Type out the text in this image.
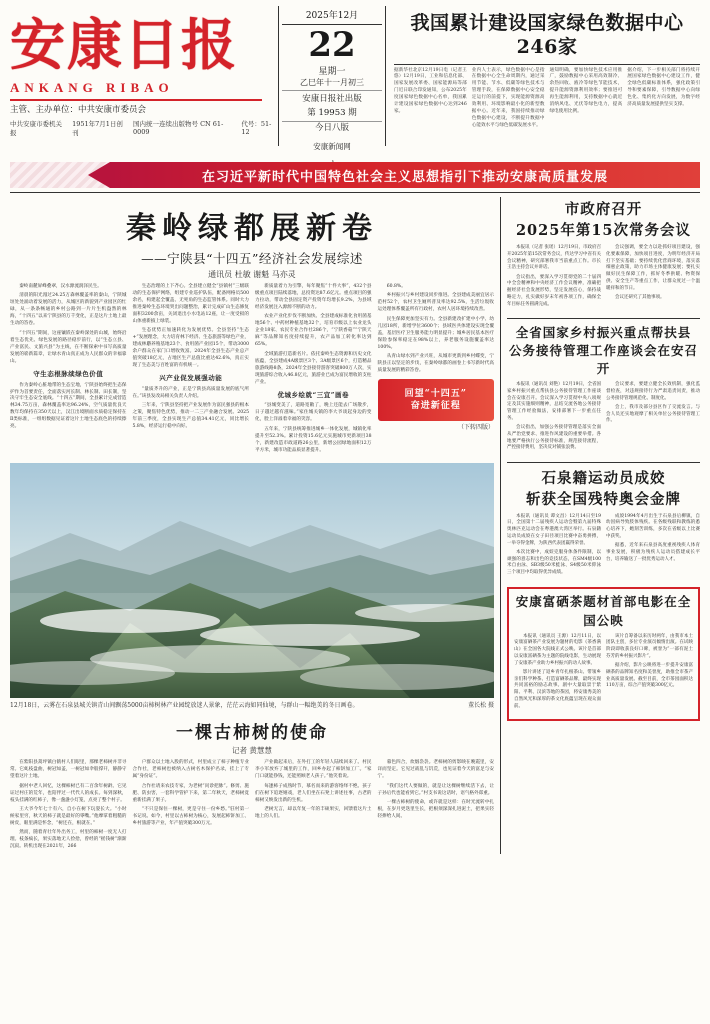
安康日报
ANKANG RIBAO
主管、主办单位：中共安康市委员会
中共安康市委机关报
1951年7月1日创刊
国内统一连续出版物号 CN 61-0009
代号：51-12
2025年12月
22
星期一
乙巳年十一月初三
安康日报社出版
第 19953 期
今日八版
安康新闻网
我国累计建设国家绿色数据中心246家

据新华社北京12月19日电（记者王悠）12月19日，工业和信息化部、国家发展改革委、国家能源局等部门近日联合印发通知，公布2025年度国家绿色数据中心名单，我国累计建设国家绿色数据中心达到246家。

业内人士表示，绿色数据中心是指在数据中心全生命周期内，通过采用节能、节水、低碳等绿色技术与管理手段，在保障数据中心安全稳定运行的前提下，实现能源资源高效利用、环境影响最小化的新型数据中心。近年来，我国持续推动绿色数据中心建设，不断提升数据中心能效水平与绿色低碳发展水平。

通知明确，要加快绿色技术应用推广，鼓励数据中心采用高效制冷、余热回收、液冷等绿色节能技术，提升能源资源利用效率；要推进可再生能源利用，支持数据中心就近消纳风电、光伏等绿色电力，提高绿电使用比例。

据介绍，下一步相关部门将持续开展国家绿色数据中心建设工作，健全绿色低碳标准体系，强化政策引导和要素保障，引导数据中心向绿色化、集约化方向发展，为数字经济高质量发展提供坚实支撑。

在习近平新时代中国特色社会主义思想指引下推动安康高质量发展
秦岭绿都展新卷
——宁陕县“十四五”经济社会发展综述
通讯员 杜敏 谢魁 马亦灵

秦岭南麓屏峰叠翠，汉水源流润泽民生。

清晨的阳光漫过24.25万森林覆盖率的秦山，宁陕城垣处处涌动着发展的活力，从城区的新貌到产业园区的忙碌，从一条条畅通的乡村公路到一片片生机盎然的林海，“十四五”以来宁陕县的万千变化，正是这片土地上最生动的答卷。

“十四五”期间，这座镶嵌在秦岭深处的山城，始终沿着生态优先、绿色发展的路径稳步前行，以“生态立县、产业富民、文旅兴县”为主线，在不断探索中书写高质量发展的崭新篇章，让绿水青山真正成为人民群众的幸福靠山。

守生态根脉续绿色价值

作为秦岭心脏地带的生态宝地，宁陕县始终把生态保护作为首要责任，全面落实河长制、林长制、田长制，坚决守牢生态安全底线。“十四五”期间，全县累计完成营造林34.75万亩，森林覆盖率达96.24%，空气质量优良天数年均保持在350天以上，汉江出境断面水质稳定保持在Ⅱ类标准，一组组数据见证着这片土地生态底色的持续擦亮。

生态治理的上下齐心。全县建立健全“县镇村”三级联动的生态保护网络，组建专业巡护队伍，配备网格员500余名，构建起全覆盖、无死角的生态监管体系。同时大力推进秦岭生态环境突出问题整治，累计完成矿山生态修复面积3200余亩，关闭退出小水电站12座，让一度受损的山体重新披上绿装。

生态优势正加速转化为发展优势。全县坚持“生态+”发展理念，大力培育林下经济、生态旅游等绿色产业，建成林麝养殖基地23个、食用菌产业园15个，带动3000余户群众在家门口增收致富。2024年全县生态产业总产值突破18亿元，占地区生产总值比重达42.6%，真正实现了生态美与百姓富的有机统一。

兴产业促发展强动能

“量质齐升的产业，正是宁陕县高质量发展的底气所在。”该县发改局相关负责人介绍。

三年来，宁陕县坚持把产业发展作为富民强县的根本之策，聚焦特色优势，推动一二三产业融合发展。2025年前三季度，全县实现生产总值34.41亿元，同比增长5.8%，经济运行稳中向好。

新质量着力为引擎，每年聚焦“十件大事”，432个县级重点项目陆续落地，总投资达87.6亿元。重点项目的强力拉动，带动全县固定资产投资年均增长9.2%，为县域经济发展注入源源不断的动力。

农业产业化步伐不断加快。全县建成标准化食用菌基地56个、中药材种植基地32个，培育市级以上农业龙头企业18家、农民专业合作社286个，“宁陕香菇”“宁陕天麻”等品牌知名度持续提升，农产品加工转化率达到65%。

全域旅游打造新名片。依托秦岭生态资源和历史文化底蕴，全县建成4A级景区3个、3A级景区6个，打造精品旅游线路8条，2024年全县接待游客突破800万人次，实现旅游综合收入46.8亿元，旅游业已成为富民增收的支柱产业。

优城乡绘就“三宜”画卷

“县城变美了，道路宽敞了，晚上还能去广场散步，日子越过越有滋味。”家住城关镇的李大爷谈起身边的变化，脸上洋溢着幸福的笑容。

五年来，宁陕县统筹推进城乡一体化发展，城镇化率提升至52.3%。累计投资15.6亿元实施城市更新项目38个，新建改造市政道路26公里，新增公园绿地面积12万平方米，城市功能品质显著提升。

60.8%。

乡村振兴与乡村建设同步推进。全县建成美丽宜居示范村52个，农村卫生厕所普及率达92.5%，生活垃圾收运处理体系覆盖所有行政村，农村人居环境持续改善。

民生保障更加坚实有力。全县新建改扩建中小学、幼儿园18所，新增学位3600个；县域医共体建设实现全覆盖，基层医疗卫生服务能力明显提升；城乡居民基本医疗保险参保率稳定在98%以上，养老服务设施覆盖率达100%。

从青山绿水到产业兴旺，从城市更新到乡村蝶变，宁陕县正以坚定的步伐，在秦岭绿都的画卷上书写新时代高质量发展的精彩答卷。

回望“十四五”
奋进新征程
（下转四版）
董长松 摄
12月18日，云雾在石泉县城关镇青山间飘荡5000亩柿树林产业园绽放迷人景象，茫茫云海如同仙境，与群山一幅绝美的冬日画卷。
一棵古柿树的使命
记者 黄慧慧

在紫阳县蒿坪镇白鹤村人们眼里，那棵老柿树并非寻常。它虬枝盘曲，树冠如盖，一树冠如伞般撑开，静静守望着这片土地。

据村中老人回忆，这棵柿树已有二百余年树龄。它见证过村庄的荒年，也陪伴过一代代人的成长。每到深秋，枝头挂满的红柿子，像一盏盏小灯笼，点亮了整个村子。

王大爷今年七十有六，自小在树下玩耍长大。“小时候家里穷，秋天的柿子就是最好的零嘴。”他摩挲着粗糙的树皮，眼里满是怀念，“树还在，根就在。”

然而，随着青壮年外出务工，村里的柿树一度无人打理。枝条疯长，果实落地无人捡拾，曾经的“摇钱树”渐渐沉寂。转机出现在2021年，266

户群众以土地入股的形式，村里成立了柿子种植专业合作社，老柿树也被纳入古树名木保护名录，挂上了专属“身份证”。

合作社请来农技专家，为老树“问诊把脉”。修剪、施肥、防虫害，一套科学管护下来，第二年秋天，老柿树竟重新挂满了果子。

“不只是保住一棵树，更是守住一份乡愁。”驻村第一书记说。如今，村里以古柿树为核心，发展起柿饼加工、乡村旅游等产业，年产值突破300万元。

产业做起来后，在外打工的年轻人陆续回来了。村民李小军放弃了城里的工作，回乡办起了柿饼加工厂。“家门口就能挣钱，还能照顾老人孩子。”他笑着说。

每逢柿子成熟时节，慕名而来的游客络绎不绝。孩子们在树下追逐嬉戏，老人们坐在石凳上讲述往事，古老的柿树又焕发出新的生机。

老树无言，却以年复一年的丰硕果实，回馈着这片土地上的人们。

暮色四合，炊烟袅袅。老柿树的剪影映在晚霞里，安详而坚定。它见过战乱与饥荒，也见证着今天的富足与安宁。

“我们这代人要做的，就是让这棵树继续活下去，让子孙后代也能看到它。”村支书说这话时，语气格外郑重。

一棵古柿树的使命，或许就是这样：在时光流转中扎根，在岁月更迭里生长，把根须深深扎进泥土，把果实轻轻捧给人间。

市政府召开
2025年第15次常务会议

本报讯（记者 张瑶）12月19日，市政府召开2025年第15次常务会议，传达学习中省有关会议精神，研究部署我市当前重点工作。市长王浩主持会议并讲话。

会议指出，要深入学习贯彻党的二十届四中全会精神和中央经济工作会议精神，准确把握经济社会发展形势，坚定发展信心，保持战略定力，扎实做好岁末年初各项工作，确保全年目标任务圆满完成。

会议强调，要全力以赴抓好项目建设，强化要素保障，加快项目进度，为明年经济开局打下坚实基础；要持续优化营商环境，落实落细惠企政策，助力市场主体健康发展；要扎实做好民生保障工作，抓好冬季供暖、物资保供、安全生产等重点工作，让群众度过一个温暖祥和的节日。

会议还研究了其他事项。

全省国家乡村振兴重点帮扶县
公务接待管理工作座谈会在安召开

本报讯（通讯员 刘艳）12月19日，全省国家乡村振兴重点帮扶县公务接待管理工作座谈会在安康召开。会议深入学习贯彻中央八项规定及其实施细则精神，总结交流各地公务接待管理工作经验做法，安排部署下一步重点任务。

会议指出，加强公务接待管理是落实全面从严治党要求、推进作风建设的重要举措。各地要严格执行公务接待标准，规范接待流程，严控接待费用，坚决反对铺张浪费。

会议要求，要建立健全长效机制，强化监督检查，对违规接待行为严肃追责问责，推动公务接待管理规范化、制度化。

会上，我市及部分县区作了交流发言。与会人员还实地观摩了相关单位公务接待管理工作。

石泉籍运动员成姣
斩获全国残特奥会金牌

本报讯（通讯员 谭文昌）12月14日至19日，全国第十二届残疾人运动会暨第九届特殊奥林匹克运动会在粤港澳大湾区举行。石泉籍运动员成姣在女子田径项目比赛中奋勇拼搏，一举夺得金牌，为陕西代表团赢得荣誉。

本次比赛中，成姣克服身体条件限制，以顽强的意志和出色的竞技状态，在SM4级100米自由泳、SB3级50米蛙泳、S4级50米仰泳三个项目中均取得优异成绩。

成姣1994年4月出生于石泉县后柳镇，自幼因病导致肢体残疾。在各级残联和教练的悉心培养下，她刻苦训练，多次在省级以上比赛中获奖。

据悉，近年来石泉县高度重视残疾人体育事业发展，积极为残疾人运动员搭建成长平台，培养输送了一批优秀运动人才。

安康富硒茶题材首部电影在全国公映

本报讯（通讯员 王源）12月11日，以安康富硒茶产业发展为题材的电影《茶香满山》在全国各大院线正式公映。该片是首部以安康富硒茶为主题的院线电影，生动展现了安康茶产业助力乡村振兴的动人故事。

影片讲述了返乡青年扎根茶山、带领乡亲们科学种茶、打造富硒茶品牌，最终实现共同富裕的励志故事。剧中大量取景于紫阳、平利、汉滨等地的茶园，将安康秀美的自然风光和深厚的茶文化底蕴呈现在观众面前。

该片自筹备以来历时两年，由我市本土团队主创，多位专业演员倾情出演。在试映阶段即收获良好口碑，被誉为“一部有泥土芬芳的乡村振兴影片”。

据介绍，影片公映将进一步提升安康富硒茶的品牌知名度和美誉度，助推全市茶产业高质量发展。截至目前，全市茶园面积达110万亩，综合产值突破300亿元。
